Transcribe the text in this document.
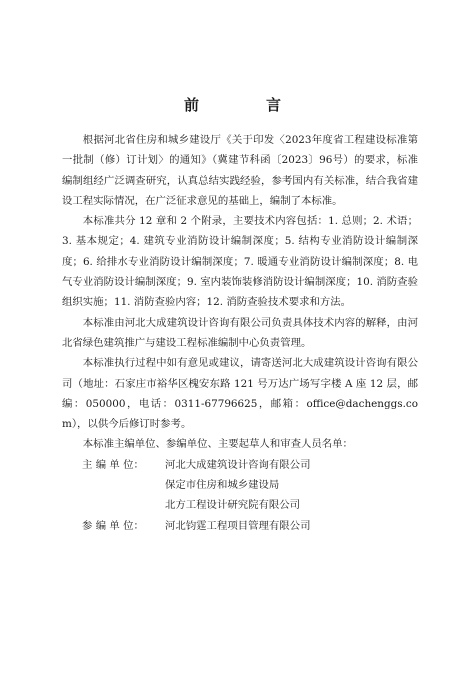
前　言

根据河北省住房和城乡建设厅《关于印发〈2023年度省工程建设标准第一批制（修）订计划〉的通知》（冀建节科函〔2023〕96号）的要求，标准编制组经广泛调查研究，认真总结实践经验，参考国内有关标准，结合我省建设工程实际情况，在广泛征求意见的基础上，编制了本标准。

本标准共分 12 章和 2 个附录，主要技术内容包括：1. 总则；2. 术语；3. 基本规定；4. 建筑专业消防设计编制深度；5. 结构专业消防设计编制深度；6. 给排水专业消防设计编制深度；7. 暖通专业消防设计编制深度；8. 电气专业消防设计编制深度；9. 室内装饰装修消防设计编制深度；10. 消防查验组织实施；11. 消防查验内容；12. 消防查验技术要求和方法。

本标准由河北大成建筑设计咨询有限公司负责具体技术内容的解释，由河北省绿色建筑推广与建设工程标准编制中心负责管理。

本标准执行过程中如有意见或建议，请寄送河北大成建筑设计咨询有限公司（地址：石家庄市裕华区槐安东路 121 号万达广场写字楼 A 座 12 层，邮编：050000，电话：0311-67796625，邮箱：office@dachenggs.com），以供今后修订时参考。

本标准主编单位、参编单位、主要起草人和审查人员名单：

主 编 单 位：	河北大成建筑设计咨询有限公司
保定市住房和城乡建设局
北方工程设计研究院有限公司
参 编 单 位：	河北钧霆工程项目管理有限公司
